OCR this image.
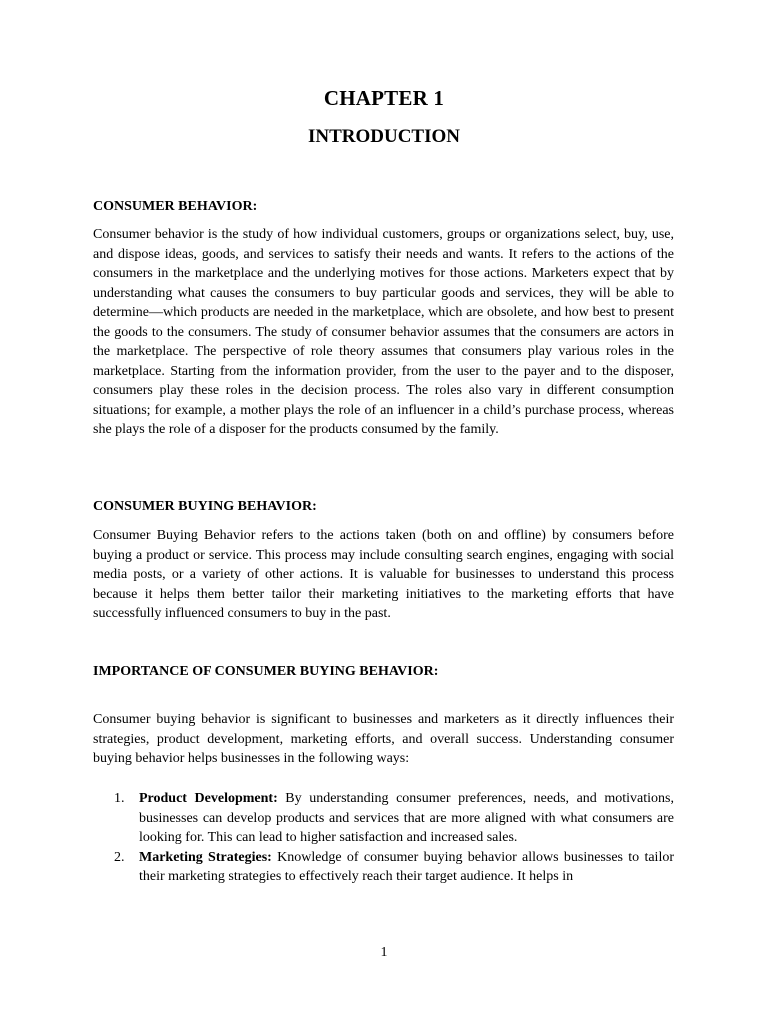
CHAPTER 1
INTRODUCTION
CONSUMER BEHAVIOR:

Consumer behavior is the study of how individual customers, groups or organizations select, buy, use, and dispose ideas, goods, and services to satisfy their needs and wants. It refers to the actions of the consumers in the marketplace and the underlying motives for those actions. Marketers expect that by understanding what causes the consumers to buy particular goods and services, they will be able to determine—which products are needed in the marketplace, which are obsolete, and how best to present the goods to the consumers. The study of consumer behavior assumes that the consumers are actors in the marketplace. The perspective of role theory assumes that consumers play various roles in the marketplace. Starting from the information provider, from the user to the payer and to the disposer, consumers play these roles in the decision process. The roles also vary in different consumption situations; for example, a mother plays the role of an influencer in a child’s purchase process, whereas she plays the role of a disposer for the products consumed by the family.

CONSUMER BUYING BEHAVIOR:

Consumer Buying Behavior refers to the actions taken (both on and offline) by consumers before buying a product or service. This process may include consulting search engines, engaging with social media posts, or a variety of other actions. It is valuable for businesses to understand this process because it helps them better tailor their marketing initiatives to the marketing efforts that have successfully influenced consumers to buy in the past.

IMPORTANCE OF CONSUMER BUYING BEHAVIOR:

Consumer buying behavior is significant to businesses and marketers as it directly influences their strategies, product development, marketing efforts, and overall success. Understanding consumer buying behavior helps businesses in the following ways:

1. Product Development: By understanding consumer preferences, needs, and motivations, businesses can develop products and services that are more aligned with what consumers are looking for. This can lead to higher satisfaction and increased sales.
2. Marketing Strategies: Knowledge of consumer buying behavior allows businesses to tailor their marketing strategies to effectively reach their target audience. It helps in
1
